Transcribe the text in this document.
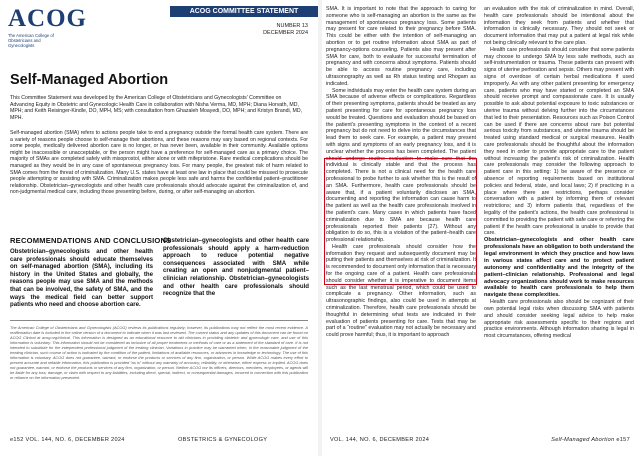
ACOG
The American College of Obstetricians and Gynecologists
ACOG COMMITTEE STATEMENT
NUMBER 13
DECEMBER 2024
Self-Managed Abortion
This Committee Statement was developed by the American College of Obstetricians and Gynecologists' Committee on Advancing Equity in Obstetric and Gynecologic Health Care in collaboration with Nisha Verma, MD, MPH; Diana Horvath, MD, MPH; and Keith Reisinger-Kindle, DO, MPH, MS; with consultation from Ghazaleh Moayedi, DO, MPH; and Kristyn Brandi, MD, MPH.
Self-managed abortion (SMA) refers to actions people take to end a pregnancy outside the formal health care system. There are a variety of reasons people choose to self-manage their abortions, and these reasons may vary based on regional contexts. For some people, medically delivered abortion care is no longer, or has never been, available in their community. Available options might be inaccessible or unacceptable, or the person might have a preference for self-managed care as a primary choice. The majority of SMAs are completed safely with misoprostol, either alone or with mifepristone. Rare medical complications should be managed as they would be in any case of spontaneous pregnancy loss. For many people, the greatest risk of harm related to SMA comes from the threat of criminalization. Many U.S. states have at least one law in place that could be misused to prosecute people attempting or assisting with SMA. Criminalization makes people less safe and harms the confidential patient–practitioner relationship. Obstetrician–gynecologists and other health care professionals should advocate against the criminalization of, and non-judgmental medical care, including those presenting before, during, or after self-managing an abortion.
RECOMMENDATIONS AND CONCLUSIONS
Obstetrician–gynecologists and other health care professionals should educate themselves on self-managed abortion (SMA), including its history in the United States and globally, the reasons people may use SMA and the methods that can be involved, the safety of SMA, and the ways the medical field can better support patients who need and choose abortion care.
Obstetrician–gynecologists and other health care professionals should apply a harm-reduction approach to reduce potential negative consequences associated with SMA while creating an open and nonjudgmental patient–clinician relationship. Obstetrician–gynecologists and other health care professionals should recognize that the
The American College of Obstetricians and Gynecologists (ACOG) reviews its publications regularly; however, its publications may not reflect the most recent evidence. A reaffirmation date is included in the online version of a document to indicate when it was last reviewed. The current status and any updates of this document can be found on ACOG Clinical at acog.org/clinical. This information is designed as an educational resource to aid clinicians in providing obstetric and gynecologic care, and use of this information is voluntary. This information should not be considered as inclusive of all proper treatments or methods of care or as a statement of the standard of care. It is not intended to substitute for the independent professional judgment of the treating clinician. Variations in practice may be warranted when, in the reasonable judgment of the treating clinician, such course of action is indicated by the condition of the patient, limitations of available resources, or advances in knowledge or technology. The use of this information is voluntary. ACOG does not guarantee, warrant, or endorse the products or services of any firm, organization, or person. While ACOG makes every effort to present accurate and reliable information, this publication is provided “as is” without any warranty of accuracy, reliability, or otherwise, either express or implied. ACOG does not guarantee, warrant, or endorse the products or services of any firm, organization, or person. Neither ACOG nor its officers, directors, members, employees, or agents will be liable for any loss, damage, or claim with respect to any liabilities, including direct, special, indirect, or consequential damages, incurred in connection with this publication or reliance on the information presented.
e152 VOL. 144, NO. 6, DECEMBER 2024	OBSTETRICS & GYNECOLOGY

SMA. It is important to note that the approach to caring for someone who is self-managing an abortion is the same as the management of spontaneous pregnancy loss. Some patients may present for care related to their pregnancy before SMA. This could be either with the intention of self-managing an abortion or to get routine information about SMA as part of pregnancy-options counseling. Patients also may present after SMA for care, both to evaluate for successful termination of pregnancy and with concerns about symptoms. Patients should be able to access routine pregnancy care, including ultrasonography as well as Rh status testing and Rhogam as indicated.

Some individuals may enter the health care system during an SMA because of adverse effects or complications. Regardless of their presenting symptoms, patients should be treated as any patient presenting for care for spontaneous pregnancy loss would be treated. Questions and evaluation should be based on the patient's presenting symptoms in the context of a recent pregnancy but do not need to delve into the circumstances that lead them to seek care. For example, a patient may present with signs and symptoms of an early pregnancy loss, and it is unclear whether the process has been completed. The patient should undergo routine evaluation to make sure that the individual is clinically stable and that the process has completed. There is not a clinical need for the health care professional to probe further to ask whether this is the result of an SMA. Furthermore, health care professionals should be aware that, if a patient voluntarily discloses an SMA, documenting and reporting the information can cause harm to the patient as well as the health care professionals involved in the patient's care. Many cases in which patients have faced criminalization due to SMA are because health care professionals reported their patients (27). Without any obligation to do so, this is a violation of the patient–health care professional relationship.

Health care professionals should consider how the information they request and subsequently document may be putting their patients and themselves at risk of criminalization. It is recommended to document only information that is necessary for the ongoing care of a patient. Health care professionals should consider whether it is imperative to document items such as the last menstrual period, which could be used to complicate a pregnancy. Other information, such as ultrasonographic findings, also could be used in attempts at criminalization. Therefore, health care professionals should be thoughtful in determining what tests are indicated in their evaluation of patients presenting for care. Tests that may be part of a “routine” evaluation may not actually be necessary and could prove harmful; thus, it is important to approach

an evaluation with the risk of criminalization in mind. Overall, health care professionals should be intentional about the information they seek from patients and whether that information is clinically necessary. They should not seek or document information that may put a patient at legal risk while not being clinically relevant to the care plan.

Health care professionals should consider that some patients may choose to undergo SMA by less safe methods, such as self-instrumentation or trauma. These patients can present with signs of uterine perforation and sepsis. Others may present with signs of overdose of certain herbal medications if used improperly. As with any other patient presenting for emergency care, patients who may have started or completed an SMA should receive prompt and compassionate care. It is usually possible to ask about potential exposure to toxic substances or uterine trauma without delving further into the circumstances that led to their presentation. Resources such as Poison Control can be used if there are concerns about rare but potential serious toxicity from substances, and uterine trauma should be treated using standard medical or surgical measures. Health care professionals should be thoughtful about the information they need in order to provide appropriate care to the patient without increasing the patient's risk of criminalization. Health care professionals may consider the following approach to patient care in this setting: 1) be aware of the presence or absence of reporting requirements based on institutional policies and federal, state, and local laws; 2) if practicing in a place where there are restrictions, perhaps consider conversation with a patient by informing them of relevant restrictions; and 3) inform patients that, regardless of the legality of the patient's actions, the health care professional is committed to providing the patient with safe care or referring the patient if the health care professional is unable to provide that care.

Obstetrician–gynecologists and other health care professionals have an obligation to both understand the legal environment in which they practice and how laws in various states affect care and to protect patient autonomy and confidentiality and the integrity of the patient–clinician relationship. Professional and legal advocacy organizations should work to make resources available to health care professionals to help them navigate these complexities.

Health care professionals also should be cognizant of their own potential legal risks when discussing SMA with patients and should consider seeking legal advice to help make appropriate risk assessments specific to their regions and practice environments. Although information sharing is legal in most circumstances, offering medical

VOL. 144, NO. 6, DECEMBER 2024	Self-Managed Abortion e157
